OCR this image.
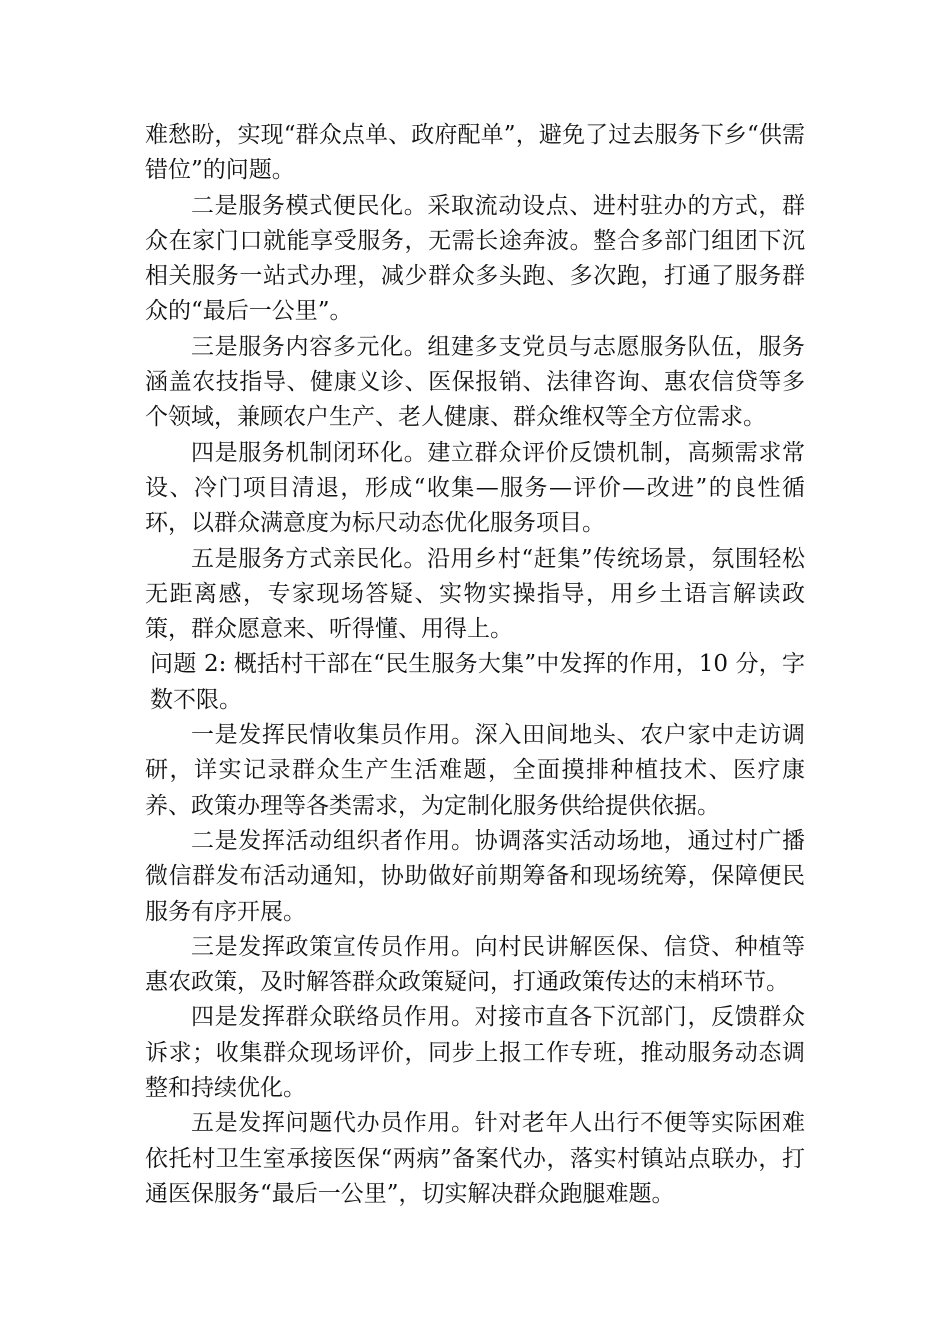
难愁盼，实现“群众点单、政府配单”，避免了过去服务下乡“供需错位”的问题。

二是服务模式便民化。采取流动设点、进村驻办的方式，群众在家门口就能享受服务，无需长途奔波。整合多部门组团下沉相关服务一站式办理，减少群众多头跑、多次跑，打通了服务群众的“最后一公里”。

三是服务内容多元化。组建多支党员与志愿服务队伍，服务涵盖农技指导、健康义诊、医保报销、法律咨询、惠农信贷等多个领域，兼顾农户生产、老人健康、群众维权等全方位需求。

四是服务机制闭环化。建立群众评价反馈机制，高频需求常设、冷门项目清退，形成“收集—服务—评价—改进”的良性循环，以群众满意度为标尺动态优化服务项目。

五是服务方式亲民化。沿用乡村“赶集”传统场景，氛围轻松无距离感，专家现场答疑、实物实操指导，用乡土语言解读政策，群众愿意来、听得懂、用得上。

问题 2: 概括村干部在“民生服务大集”中发挥的作用，10 分，字数不限。

一是发挥民情收集员作用。深入田间地头、农户家中走访调研，详实记录群众生产生活难题，全面摸排种植技术、医疗康养、政策办理等各类需求，为定制化服务供给提供依据。

二是发挥活动组织者作用。协调落实活动场地，通过村广播微信群发布活动通知，协助做好前期筹备和现场统筹，保障便民服务有序开展。

三是发挥政策宣传员作用。向村民讲解医保、信贷、种植等惠农政策，及时解答群众政策疑问，打通政策传达的末梢环节。

四是发挥群众联络员作用。对接市直各下沉部门，反馈群众诉求；收集群众现场评价，同步上报工作专班，推动服务动态调整和持续优化。

五是发挥问题代办员作用。针对老年人出行不便等实际困难依托村卫生室承接医保“两病”备案代办，落实村镇站点联办，打通医保服务“最后一公里”，切实解决群众跑腿难题。
